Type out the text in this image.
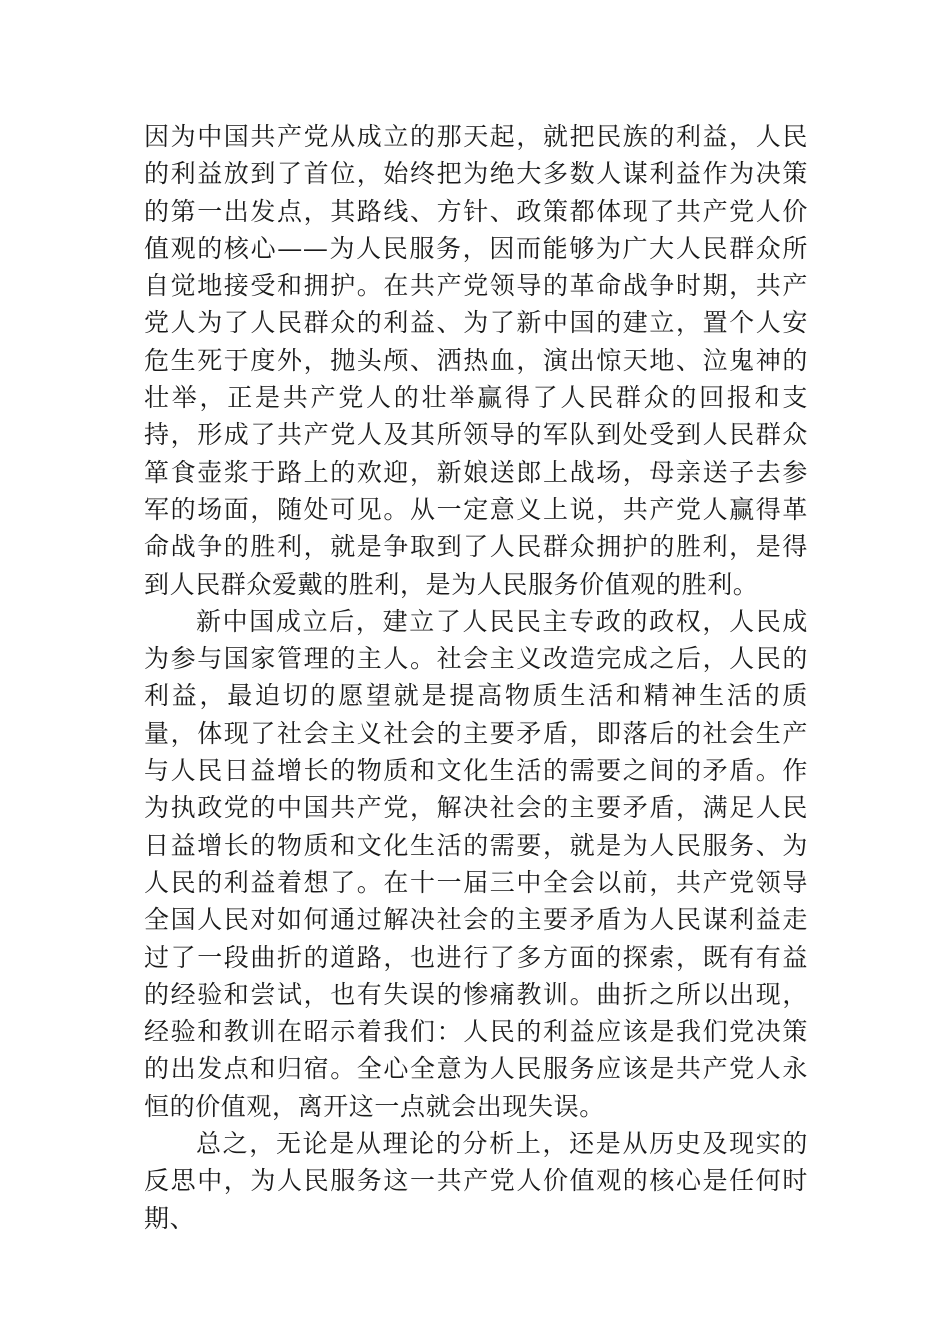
因为中国共产党从成立的那天起，就把民族的利益，人民的利益放到了首位，始终把为绝大多数人谋利益作为决策的第一出发点，其路线、方针、政策都体现了共产党人价值观的核心——为人民服务，因而能够为广大人民群众所自觉地接受和拥护。在共产党领导的革命战争时期，共产党人为了人民群众的利益、为了新中国的建立，置个人安危生死于度外，抛头颅、洒热血，演出惊天地、泣鬼神的壮举，正是共产党人的壮举赢得了人民群众的回报和支持，形成了共产党人及其所领导的军队到处受到人民群众箪食壶浆于路上的欢迎，新娘送郎上战场，母亲送子去参军的场面，随处可见。从一定意义上说，共产党人赢得革命战争的胜利，就是争取到了人民群众拥护的胜利，是得到人民群众爱戴的胜利，是为人民服务价值观的胜利。

新中国成立后，建立了人民民主专政的政权，人民成为参与国家管理的主人。社会主义改造完成之后，人民的利益，最迫切的愿望就是提高物质生活和精神生活的质量，体现了社会主义社会的主要矛盾，即落后的社会生产与人民日益增长的物质和文化生活的需要之间的矛盾。作为执政党的中国共产党，解决社会的主要矛盾，满足人民日益增长的物质和文化生活的需要，就是为人民服务、为人民的利益着想了。在十一届三中全会以前，共产党领导全国人民对如何通过解决社会的主要矛盾为人民谋利益走过了一段曲折的道路，也进行了多方面的探索，既有有益的经验和尝试，也有失误的惨痛教训。曲折之所以出现，经验和教训在昭示着我们：人民的利益应该是我们党决策的出发点和归宿。全心全意为人民服务应该是共产党人永恒的价值观，离开这一点就会出现失误。

总之，无论是从理论的分析上，还是从历史及现实的反思中，为人民服务这一共产党人价值观的核心是任何时期、
